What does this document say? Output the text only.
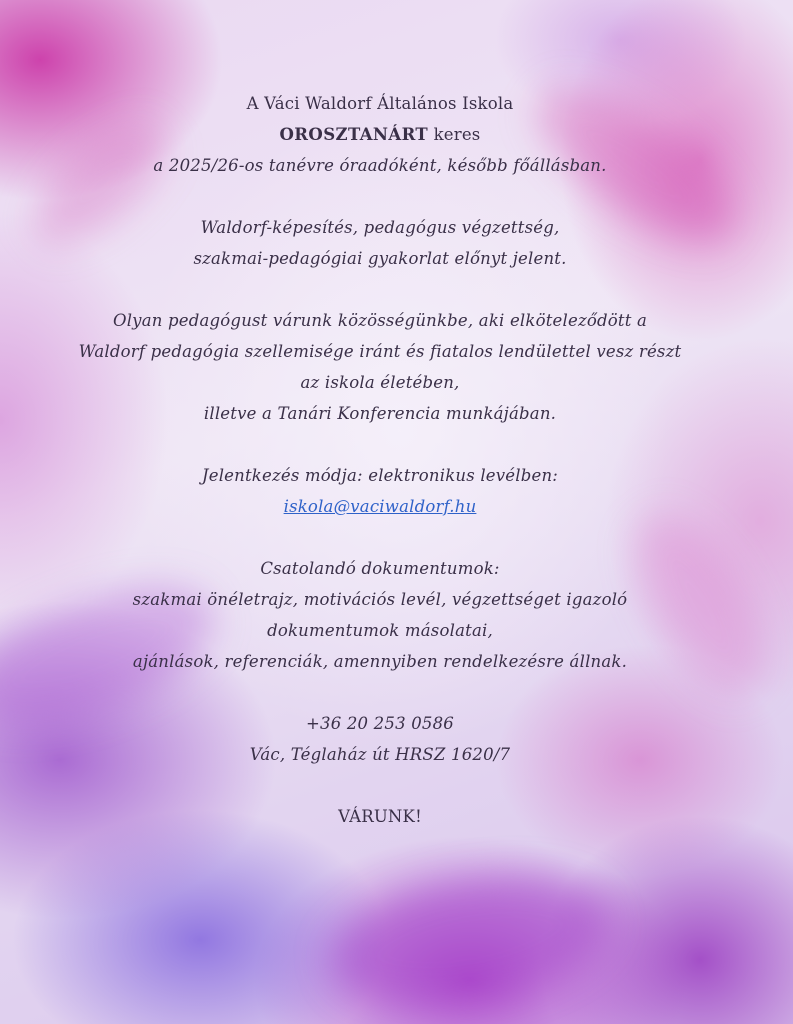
A Váci Waldorf Általános Iskola
OROSZTANÁRT keres
a 2025/26-os tanévre óraadóként, később főállásban.
Waldorf-képesítés, pedagógus végzettség,
szakmai-pedagógiai gyakorlat előnyt jelent.
Olyan pedagógust várunk közösségünkbe, aki elköteleződött a
Waldorf pedagógia szellemisége iránt és fiatalos lendülettel vesz részt
az iskola életében,
illetve a Tanári Konferencia munkájában.
Jelentkezés módja: elektronikus levélben:
iskola@vaciwaldorf.hu
Csatolandó dokumentumok:
szakmai önéletrajz, motivációs levél, végzettséget igazoló
dokumentumok másolatai,
ajánlások, referenciák, amennyiben rendelkezésre állnak.
+36 20 253 0586
Vác, Téglaház út HRSZ 1620/7
VÁRUNK!
